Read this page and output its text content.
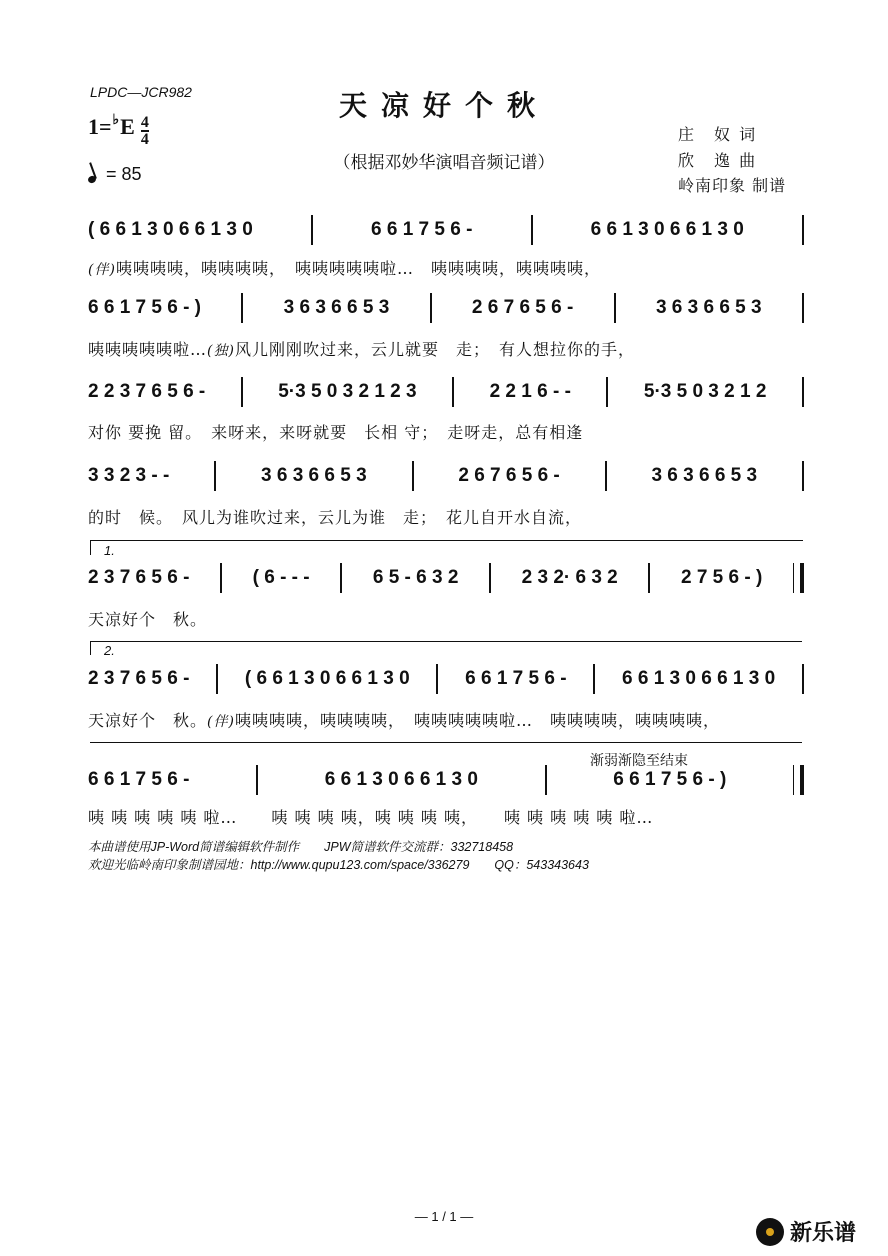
LPDC—JCR982	天凉好个秋
（根据邓妙华演唱音频记谱）
1= ♭ E 4
4
= 85
庄　奴 词
欣　逸 曲
岭南印象 制谱
( 6 6 1 3 0 6 6 1 3 0	6 6 1 7 5 6 -	6 6 1 3 0 6 6 1 3 0
(伴)咦咦咦咦，咦咦咦咦，　咦咦咦咦咦啦…　咦咦咦咦，咦咦咦咦，
6 6 1 7 5 6 - )	3 6 3 6 6 5 3	2 6 7 6 5 6 -	3 6 3 6 6 5 3
咦咦咦咦咦啦…(独)风儿刚刚吹过来，云儿就要　走；　有人想拉你的手，
2 2 3 7 6 5 6 -	5·3 5 0 3 2 1 2 3	2 2 1 6 - -	5·3 5 0 3 2 1 2
对你 要挽 留。　来呀来，来呀就要　长相 守；　走呀走，总有相逢
3 3 2 3 - -	3 6 3 6 6 5 3	2 6 7 6 5 6 -	3 6 3 6 6 5 3
的时　候。　风儿为谁吹过来，云儿为谁　走；　花儿自开水自流，
1.
2 3 7 6 5 6 -	( 6 - - -	6 5 - 6 3 2	2 3 2· 6 3 2	2 7 5 6 - )
天凉好个　秋。
2.
2 3 7 6 5 6 -	( 6 6 1 3 0 6 6 1 3 0	6 6 1 7 5 6 -	6 6 1 3 0 6 6 1 3 0
天凉好个　秋。(伴)咦咦咦咦，咦咦咦咦，　咦咦咦咦咦啦…　咦咦咦咦，咦咦咦咦，
渐弱渐隐至结束
6 6 1 7 5 6 -	6 6 1 3 0 6 6 1 3 0	6 6 1 7 5 6 - )
咦 咦 咦 咦 咦 啦…　　咦 咦 咦 咦，咦 咦 咦 咦，　　咦 咦 咦 咦 咦 啦…
本曲谱使用JP-Word简谱编辑软件制作　　JPW简谱软件交流群：332718458
欢迎光临岭南印象制谱园地：http://www.qupu123.com/space/336279　　QQ：543343643
— 1 / 1 —
新乐谱
